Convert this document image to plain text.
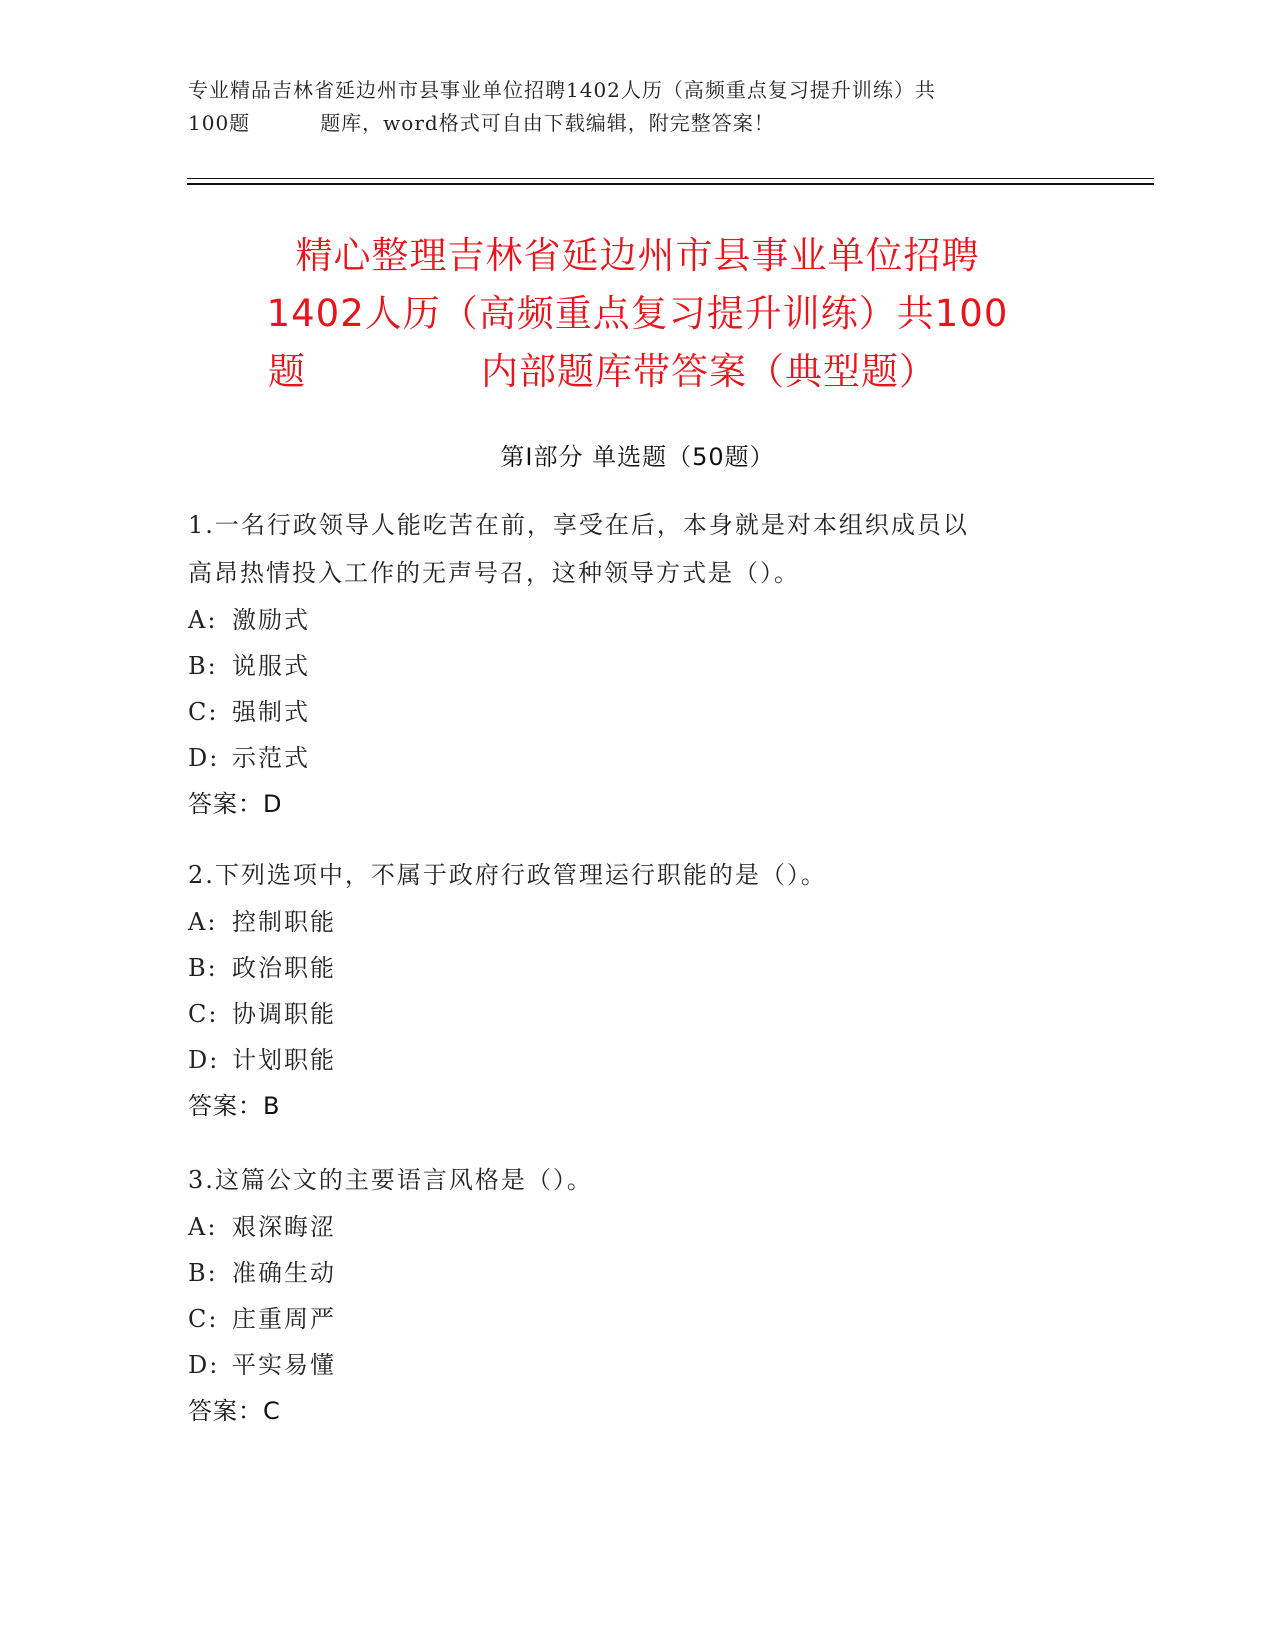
专业精品吉林省延边州市县事业单位招聘1402人历（高频重点复习提升训练）共
100题	题库，word格式可自由下载编辑，附完整答案！
精心整理吉林省延边州市县事业单位招聘
1402人历（高频重点复习提升训练）共100
题	内部题库带答案（典型题）
第Ⅰ部分 单选题（50题）
1.一名行政领导人能吃苦在前，享受在后，本身就是对本组织成员以
高昂热情投入工作的无声号召，这种领导方式是（）。
A: 激励式
B: 说服式
C: 强制式
D: 示范式
答案：D
2.下列选项中，不属于政府行政管理运行职能的是（）。
A: 控制职能
B: 政治职能
C: 协调职能
D: 计划职能
答案：B
3.这篇公文的主要语言风格是（）。
A: 艰深晦涩
B: 准确生动
C: 庄重周严
D: 平实易懂
答案：C
